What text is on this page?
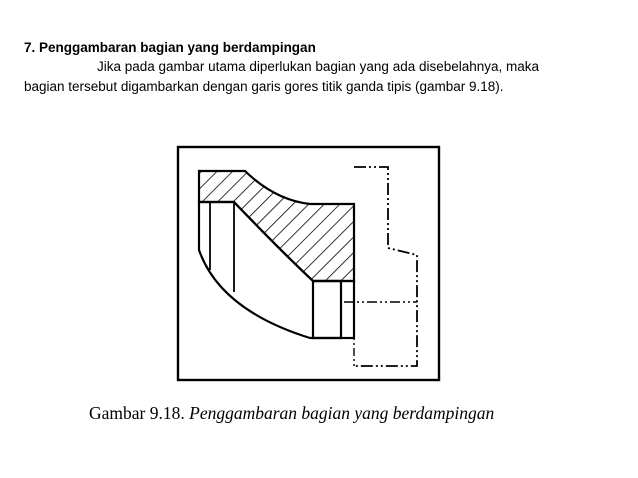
7. Penggambaran bagian yang berdampingan
Jika pada gambar utama diperlukan bagian yang ada disebelahnya, maka
bagian tersebut digambarkan dengan garis gores titik ganda tipis (gambar 9.18).
Gambar 9.18. Penggambaran bagian yang berdampingan
